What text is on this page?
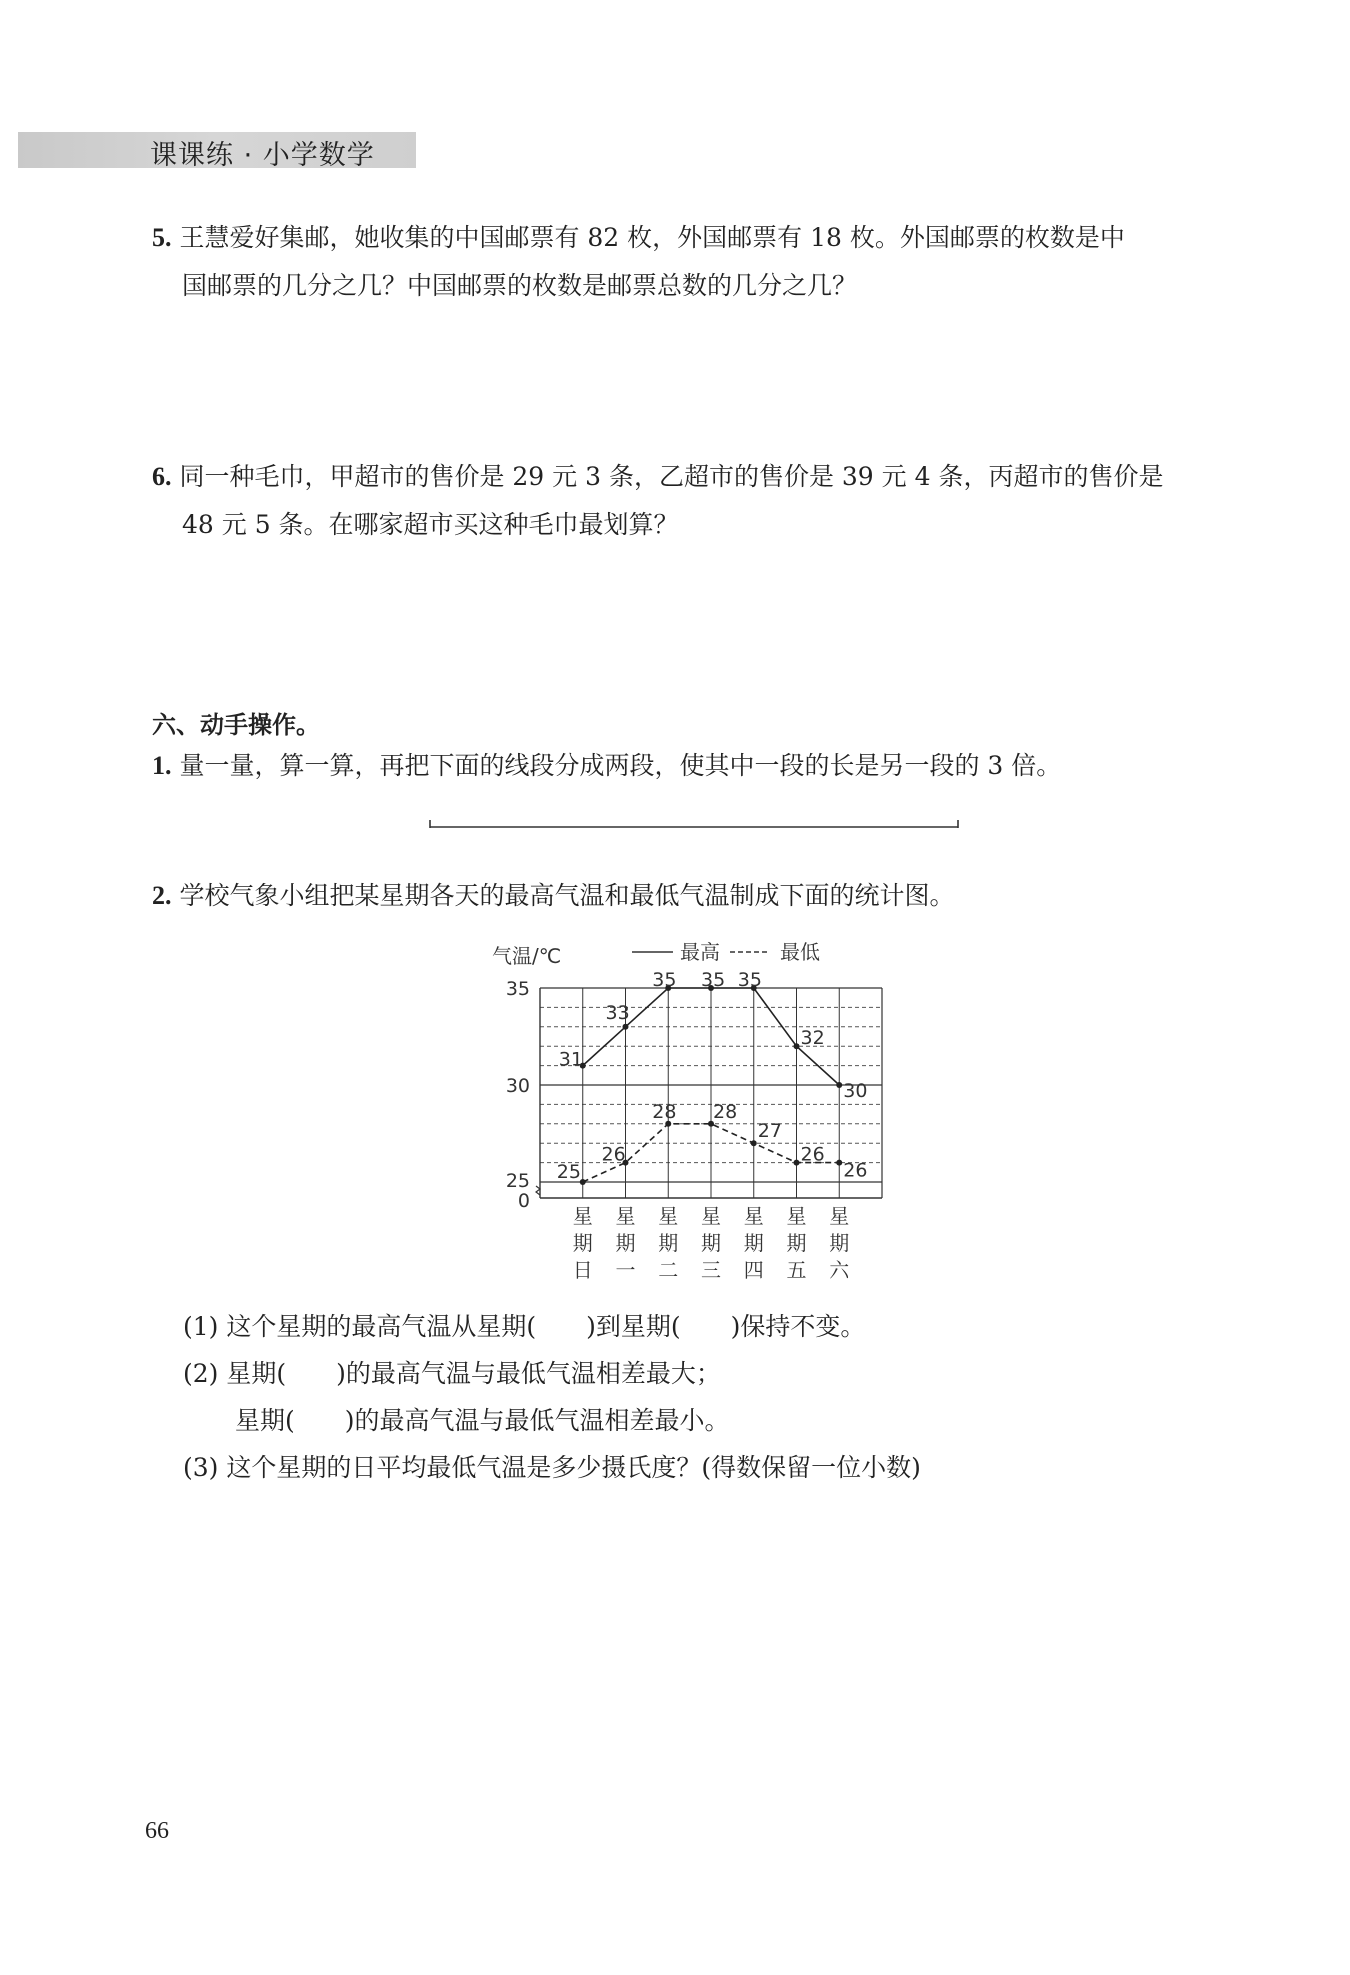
课课练 · 小学数学
5. 王慧爱好集邮，她收集的中国邮票有 82 枚，外国邮票有 18 枚。外国邮票的枚数是中
国邮票的几分之几？中国邮票的枚数是邮票总数的几分之几？
6. 同一种毛巾，甲超市的售价是 29 元 3 条，乙超市的售价是 39 元 4 条，丙超市的售价是
48 元 5 条。在哪家超市买这种毛巾最划算？
六、动手操作。
1. 量一量，算一算，再把下面的线段分成两段，使其中一段的长是另一段的 3 倍。
2. 学校气象小组把某星期各天的最高气温和最低气温制成下面的统计图。
气温/℃
35
30
25
0
最高	最低
31
33
35 35 35
32
30
25
26
28 28
27
26
26
星
期
日
星
期
一
星
期
二
星
期
三
星
期
四
星
期
五
星
期
六
(1) 这个星期的最高气温从星期(　　)到星期(　　)保持不变。
(2) 星期(　　)的最高气温与最低气温相差最大；
星期(　　)的最高气温与最低气温相差最小。
(3) 这个星期的日平均最低气温是多少摄氏度？(得数保留一位小数)
66
